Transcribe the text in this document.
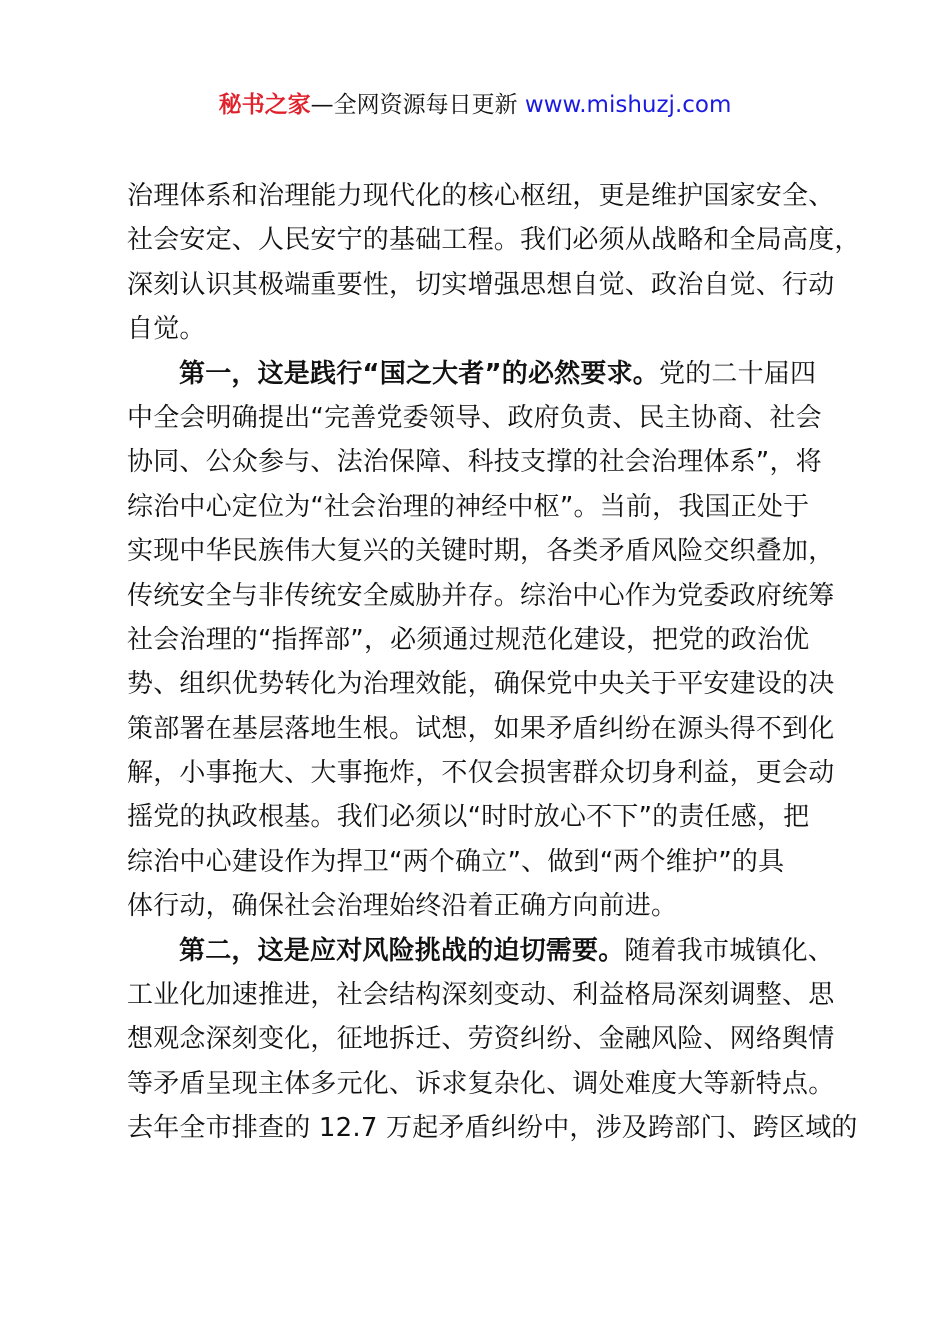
秘书之家—全网资源每日更新 www.mishuzj.com
治理体系和治理能力现代化的核心枢纽，更是维护国家安全、
社会安定、人民安宁的基础工程。我们必须从战略和全局高度，
深刻认识其极端重要性，切实增强思想自觉、政治自觉、行动
自觉。
第一，这是践行“国之大者”的必然要求。党的二十届四
中全会明确提出“完善党委领导、政府负责、民主协商、社会
协同、公众参与、法治保障、科技支撑的社会治理体系”，将
综治中心定位为“社会治理的神经中枢”。当前，我国正处于
实现中华民族伟大复兴的关键时期，各类矛盾风险交织叠加，
传统安全与非传统安全威胁并存。综治中心作为党委政府统筹
社会治理的“指挥部”，必须通过规范化建设，把党的政治优
势、组织优势转化为治理效能，确保党中央关于平安建设的决
策部署在基层落地生根。试想，如果矛盾纠纷在源头得不到化
解，小事拖大、大事拖炸，不仅会损害群众切身利益，更会动
摇党的执政根基。我们必须以“时时放心不下”的责任感，把
综治中心建设作为捍卫“两个确立”、做到“两个维护”的具
体行动，确保社会治理始终沿着正确方向前进。
第二，这是应对风险挑战的迫切需要。随着我市城镇化、
工业化加速推进，社会结构深刻变动、利益格局深刻调整、思
想观念深刻变化，征地拆迁、劳资纠纷、金融风险、网络舆情
等矛盾呈现主体多元化、诉求复杂化、调处难度大等新特点。
去年全市排查的 12.7 万起矛盾纠纷中，涉及跨部门、跨区域的
